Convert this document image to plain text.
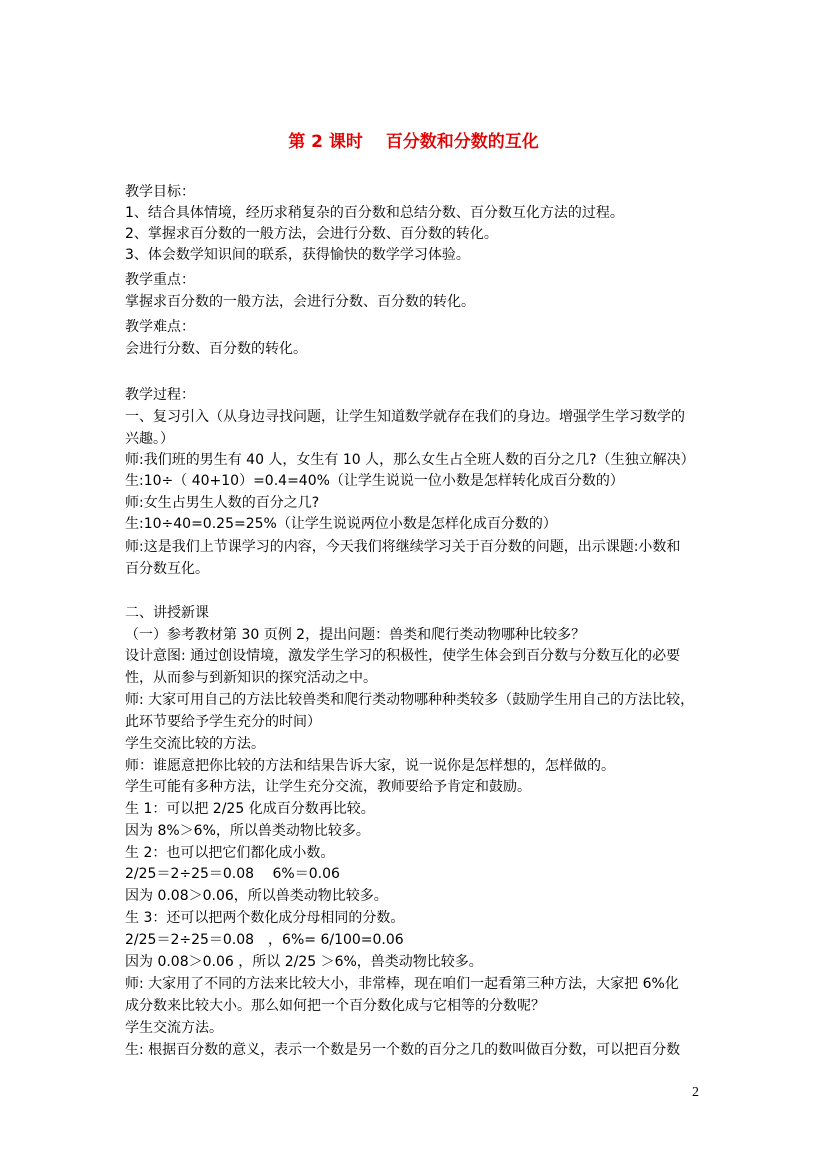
第 2 课时　 百分数和分数的互化
教学目标：
1、结合具体情境，经历求稍复杂的百分数和总结分数、百分数互化方法的过程。
2、掌握求百分数的一般方法，会进行分数、百分数的转化。
3、体会数学知识间的联系，获得愉快的数学学习体验。
教学重点：
掌握求百分数的一般方法，会进行分数、百分数的转化。
教学难点：
会进行分数、百分数的转化。
教学过程：
一、复习引入（从身边寻找问题，让学生知道数学就存在我们的身边。增强学生学习数学的
兴趣。）
师:我们班的男生有 40 人，女生有 10 人，那么女生占全班人数的百分之几?（生独立解决）
生:10÷（ 40+10）=0.4=40%（让学生说说一位小数是怎样转化成百分数的）
师:女生占男生人数的百分之几?
生:10÷40=0.25=25%（让学生说说两位小数是怎样化成百分数的）
师:这是我们上节课学习的内容，今天我们将继续学习关于百分数的问题，出示课题:小数和
百分数互化。
二、讲授新课
（一）参考教材第 30 页例 2，提出问题：兽类和爬行类动物哪种比较多？
设计意图: 通过创设情境，激发学生学习的积极性，使学生体会到百分数与分数互化的必要
性，从而参与到新知识的探究活动之中。
师: 大家可用自己的方法比较兽类和爬行类动物哪种种类较多（鼓励学生用自己的方法比较，
此环节要给予学生充分的时间）
学生交流比较的方法。
师：谁愿意把你比较的方法和结果告诉大家，说一说你是怎样想的，怎样做的。
学生可能有多种方法，让学生充分交流，教师要给予肯定和鼓励。
生 1：可以把 2/25 化成百分数再比较。
因为 8%＞6%，所以兽类动物比较多。
生 2：也可以把它们都化成小数。
2/25＝2÷25＝0.08　 6%＝0.06
因为 0.08＞0.06，所以兽类动物比较多。
生 3：还可以把两个数化成分母相同的分数。
2/25＝2÷25＝0.08　，6%= 6/100=0.06
因为 0.08＞0.06 ，所以 2/25 ＞6%，兽类动物比较多。
师: 大家用了不同的方法来比较大小，非常棒，现在咱们一起看第三种方法，大家把 6%化
成分数来比较大小。那么如何把一个百分数化成与它相等的分数呢？
学生交流方法。
生: 根据百分数的意义，表示一个数是另一个数的百分之几的数叫做百分数，可以把百分数
2
